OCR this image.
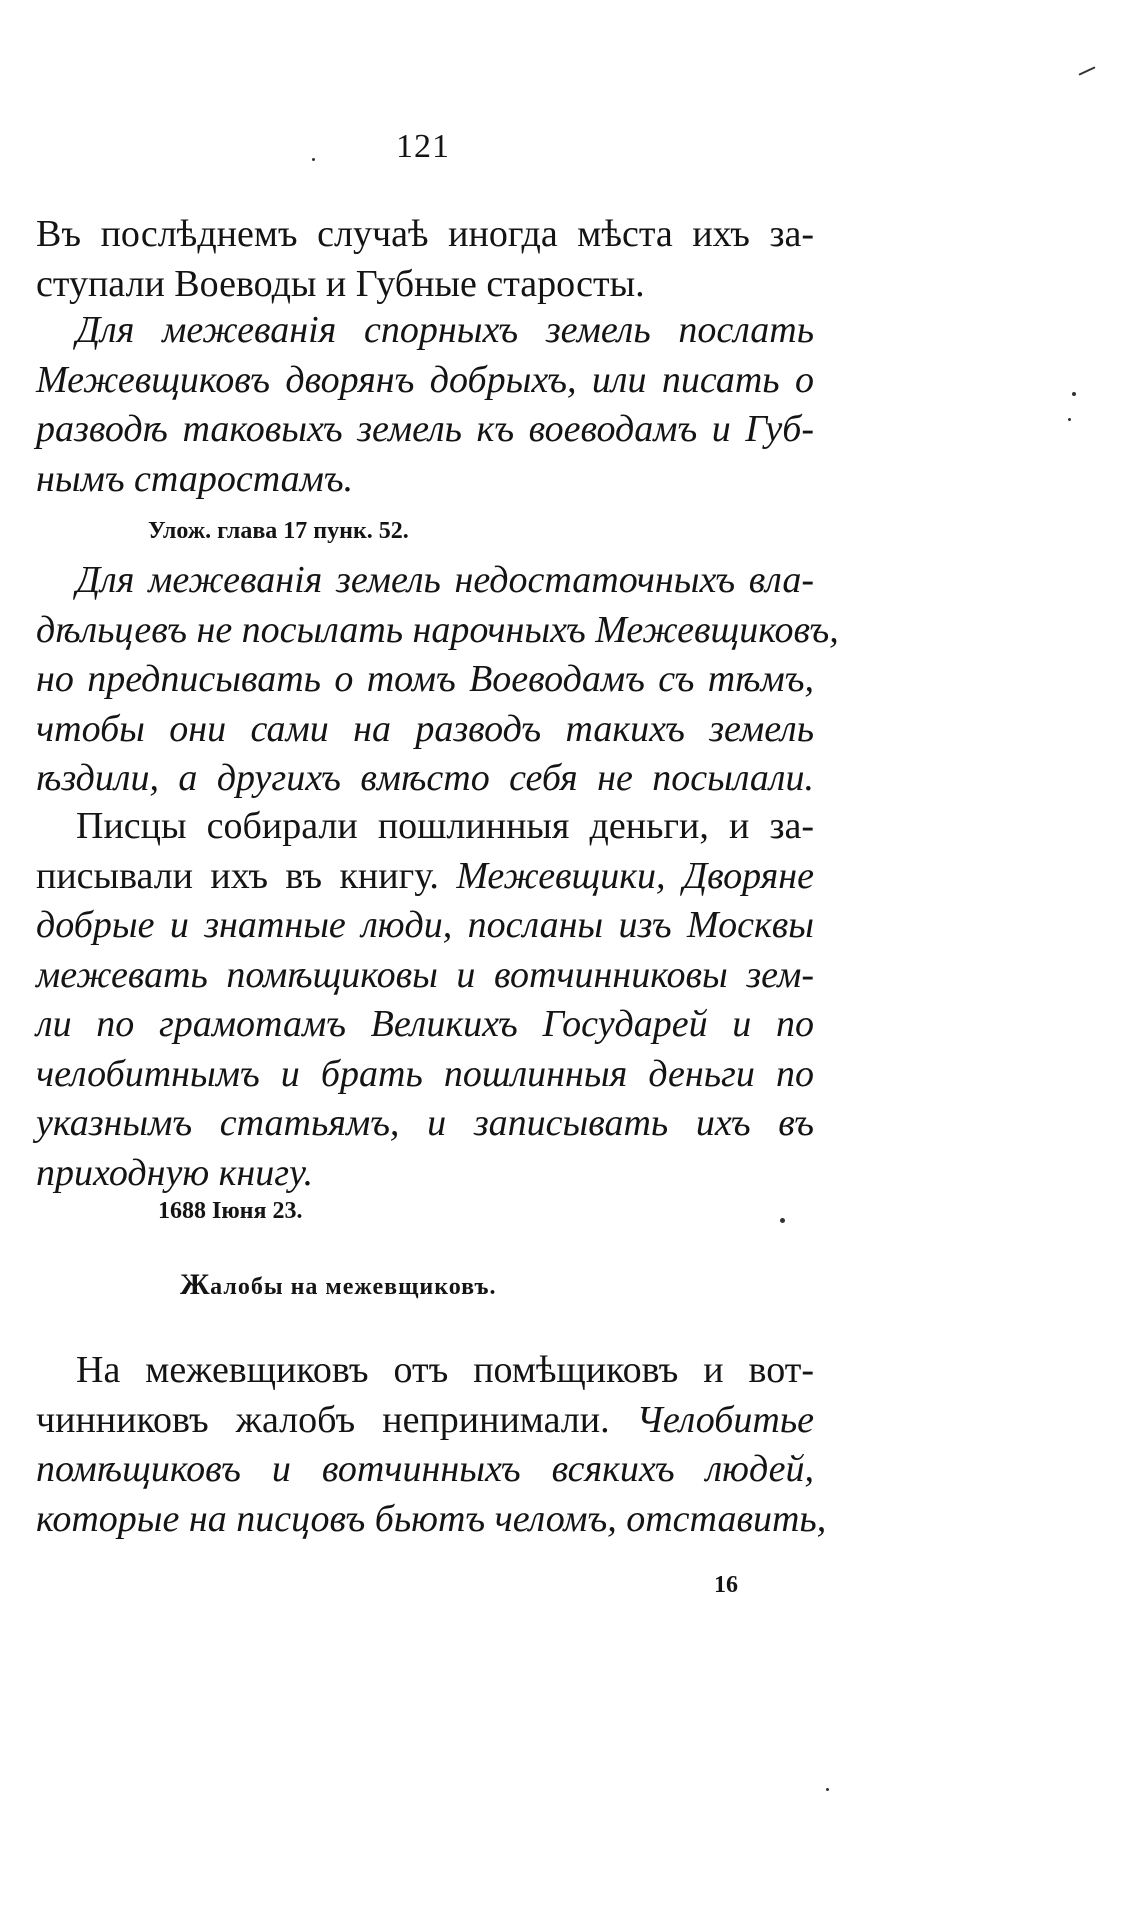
121
Въ послѣднемъ случаѣ иногда мѣста ихъ за-
ступали Воеводы и Губные старосты.
Для межеванія спорныхъ земель послать
Межевщиковъ дворянъ добрыхъ, или писать о
разводѣ таковыхъ земель къ воеводамъ и Губ-
нымъ старостамъ.
Для межеванія земель недостаточныхъ вла-
дѣльцевъ не посылать нарочныхъ Межевщиковъ,
но предписывать о томъ Воеводамъ съ тѣмъ,
чтобы они сами на разводъ такихъ земель
ѣздили, а другихъ вмѣсто себя не посылали.
Писцы собирали пошлинныя деньги, и за-
писывали ихъ въ книгу. Межевщики, Дворяне
добрые и знатные люди, посланы изъ Москвы
межевать помѣщиковы и вотчинниковы зем-
ли по грамотамъ Великихъ Государей и по
челобитнымъ и брать пошлинныя деньги по
указнымъ статьямъ, и записывать ихъ въ
приходную книгу.
На межевщиковъ отъ помѣщиковъ и вот-
чинниковъ жалобъ непринимали. Челобитье
помѣщиковъ и вотчинныхъ всякихъ людей,
которые на писцовъ бьютъ челомъ, отставить,
Улож. глава 17 пунк. 52.
1688 Іюня 23.
Жалобы на межевщиковъ.
16
